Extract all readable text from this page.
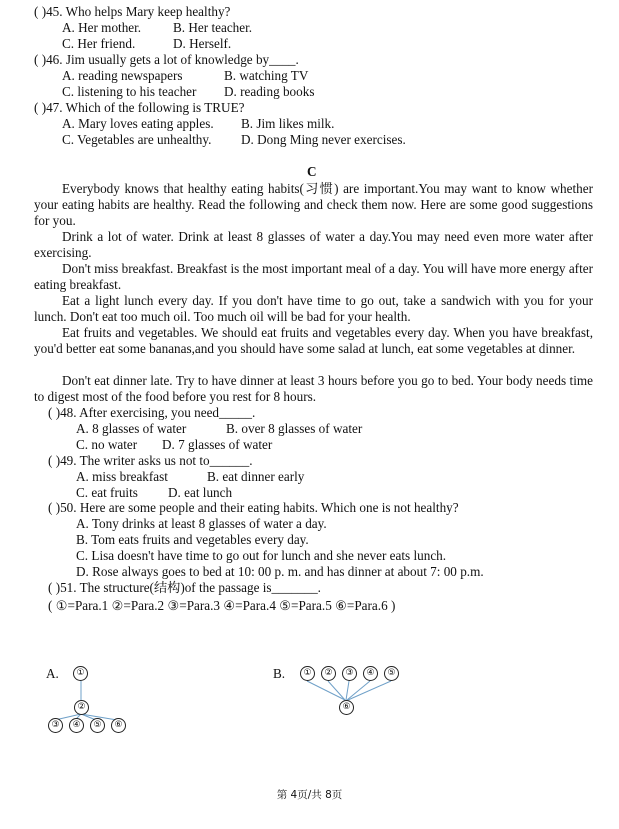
( )45. Who helps Mary keep healthy?
A. Her mother. B. Her teacher.
C. Her friend.	D. Herself.
( )46. Jim usually gets a lot of knowledge by____.
A. reading newspapers	B. watching TV
C. listening to his teacher D. reading books
( )47. Which of the following is TRUE?
A. Mary loves eating apples. B. Jim likes milk.
C. Vegetables are unhealthy. D. Dong Ming never exercises.
C
Everybody knows that healthy eating habits(习惯) are important.You may want to know whether your eating habits are healthy. Read the following and check them now. Here are some good suggestions for you.
Drink a lot of water. Drink at least 8 glasses of water a day.You may need even more water after exercising.
Don't miss breakfast. Breakfast is the most important meal of a day. You will have more energy after eating breakfast.
Eat a light lunch every day. If you don't have time to go out, take a sandwich with you for your lunch. Don't eat too much oil. Too much oil will be bad for your health.
Eat fruits and vegetables. We should eat fruits and vegetables every day. When you have breakfast, you'd better eat some bananas,and you should have some salad at lunch, eat some vegetables at dinner.
Don't eat dinner late. Try to have dinner at least 3 hours before you go to bed. Your body needs time to digest most of the food before you rest for 8 hours.
( )48. After exercising, you need_____.
A. 8 glasses of water	B. over 8 glasses of water
C. no water D. 7 glasses of water
( )49. The writer asks us not to______.
A. miss breakfast	B. eat dinner early
C. eat fruits D. eat lunch
( )50. Here are some people and their eating habits. Which one is not healthy?
A. Tony drinks at least 8 glasses of water a day.
B. Tom eats fruits and vegetables every day.
C. Lisa doesn't have time to go out for lunch and she never eats lunch.
D. Rose always goes to bed at 10: 00 p. m. and has dinner at about 7: 00 p.m.
( )51. The structure(结构)of the passage is_______.
( ①=Para.1 ②=Para.2 ③=Para.3 ④=Para.4 ⑤=Para.5 ⑥=Para.6 )
A.	①
②
③	④	⑤	⑥
B.	①	②	③	④	⑤
⑥
第 4页/共 8页
